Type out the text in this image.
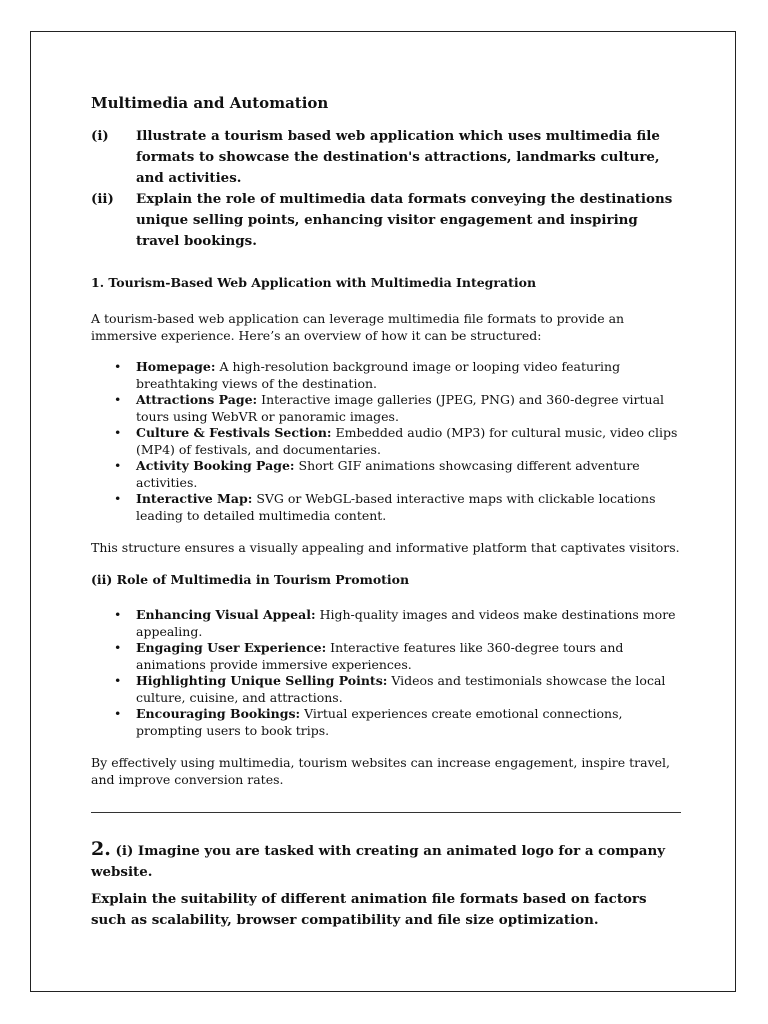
Multimedia and Automation
(i)	Illustrate a tourism based web application which uses multimedia file formats to showcase the destination's attractions, landmarks culture, and activities.
(ii)	Explain the role of multimedia data formats conveying the destinations unique selling points, enhancing visitor engagement and inspiring travel bookings.
1. Tourism-Based Web Application with Multimedia Integration

A tourism-based web application can leverage multimedia file formats to provide an immersive experience. Here’s an overview of how it can be structured:

• Homepage: A high-resolution background image or looping video featuring breathtaking views of the destination.
• Attractions Page: Interactive image galleries (JPEG, PNG) and 360-degree virtual tours using WebVR or panoramic images.
• Culture & Festivals Section: Embedded audio (MP3) for cultural music, video clips (MP4) of festivals, and documentaries.
• Activity Booking Page: Short GIF animations showcasing different adventure activities.
• Interactive Map: SVG or WebGL-based interactive maps with clickable locations leading to detailed multimedia content.

This structure ensures a visually appealing and informative platform that captivates visitors.

(ii) Role of Multimedia in Tourism Promotion
• Enhancing Visual Appeal: High-quality images and videos make destinations more appealing.
• Engaging User Experience: Interactive features like 360-degree tours and animations provide immersive experiences.
• Highlighting Unique Selling Points: Videos and testimonials showcase the local culture, cuisine, and attractions.
• Encouraging Bookings: Virtual experiences create emotional connections, prompting users to book trips.

By effectively using multimedia, tourism websites can increase engagement, inspire travel, and improve conversion rates.

2. (i) Imagine you are tasked with creating an animated logo for a company website.
Explain the suitability of different animation file formats based on factors such as scalability, browser compatibility and file size optimization.
